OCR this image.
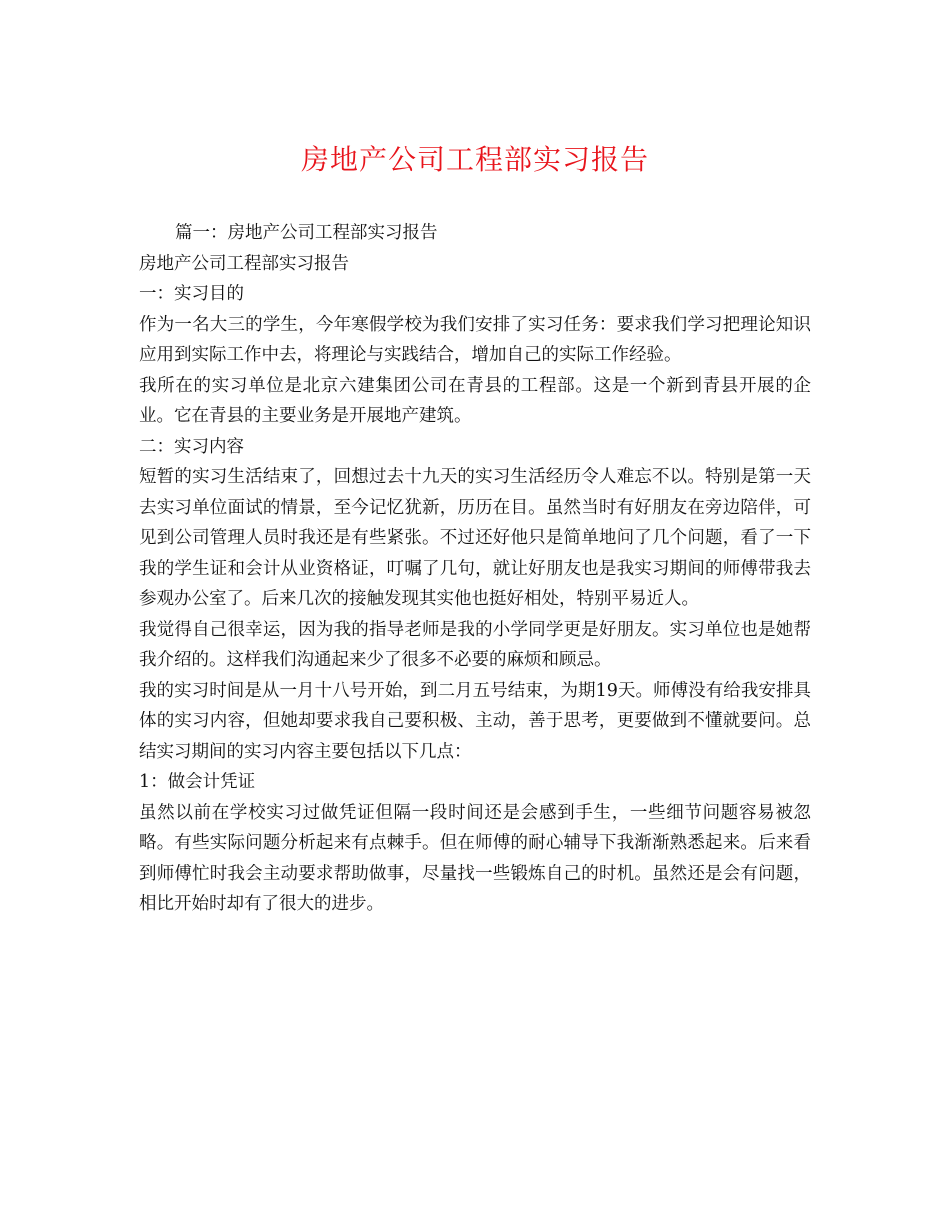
房地产公司工程部实习报告

篇一：房地产公司工程部实习报告

房地产公司工程部实习报告

一：实习目的

作为一名大三的学生，今年寒假学校为我们安排了实习任务：要求我们学习把理论知识应用到实际工作中去，将理论与实践结合，增加自己的实际工作经验。

我所在的实习单位是北京六建集团公司在青县的工程部。这是一个新到青县开展的企业。它在青县的主要业务是开展地产建筑。

二：实习内容

短暂的实习生活结束了，回想过去十九天的实习生活经历令人难忘不以。特别是第一天去实习单位面试的情景，至今记忆犹新，历历在目。虽然当时有好朋友在旁边陪伴，可见到公司管理人员时我还是有些紧张。不过还好他只是简单地问了几个问题，看了一下我的学生证和会计从业资格证，叮嘱了几句，就让好朋友也是我实习期间的师傅带我去参观办公室了。后来几次的接触发现其实他也挺好相处，特别平易近人。

我觉得自己很幸运，因为我的指导老师是我的小学同学更是好朋友。实习单位也是她帮我介绍的。这样我们沟通起来少了很多不必要的麻烦和顾忌。

我的实习时间是从一月十八号开始，到二月五号结束，为期19天。师傅没有给我安排具体的实习内容，但她却要求我自己要积极、主动，善于思考，更要做到不懂就要问。总结实习期间的实习内容主要包括以下几点：

1：做会计凭证

虽然以前在学校实习过做凭证但隔一段时间还是会感到手生，一些细节问题容易被忽略。有些实际问题分析起来有点棘手。但在师傅的耐心辅导下我渐渐熟悉起来。后来看到师傅忙时我会主动要求帮助做事，尽量找一些锻炼自己的时机。虽然还是会有问题，相比开始时却有了很大的进步。
